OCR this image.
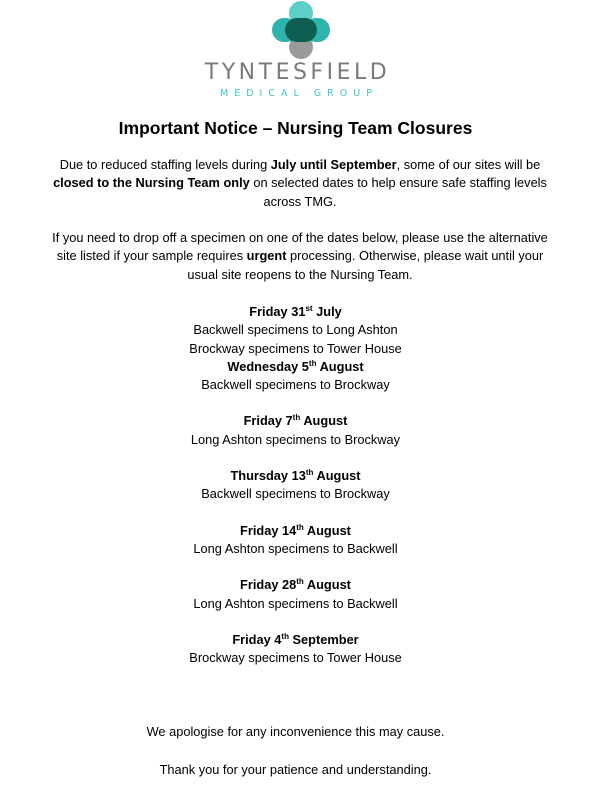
TYNTESFIELD
MEDICAL GROUP
Important Notice – Nursing Team Closures

Due to reduced staffing levels during July until September, some of our sites will be closed to the Nursing Team only on selected dates to help ensure safe staffing levels across TMG.

If you need to drop off a specimen on one of the dates below, please use the alternative site listed if your sample requires urgent processing. Otherwise, please wait until your usual site reopens to the Nursing Team.

Friday 31st July
Backwell specimens to Long Ashton
Brockway specimens to Tower House
Wednesday 5th August
Backwell specimens to Brockway
Friday 7th August
Long Ashton specimens to Brockway
Thursday 13th August
Backwell specimens to Brockway
Friday 14th August
Long Ashton specimens to Backwell
Friday 28th August
Long Ashton specimens to Backwell
Friday 4th September
Brockway specimens to Tower House

We apologise for any inconvenience this may cause.

Thank you for your patience and understanding.
